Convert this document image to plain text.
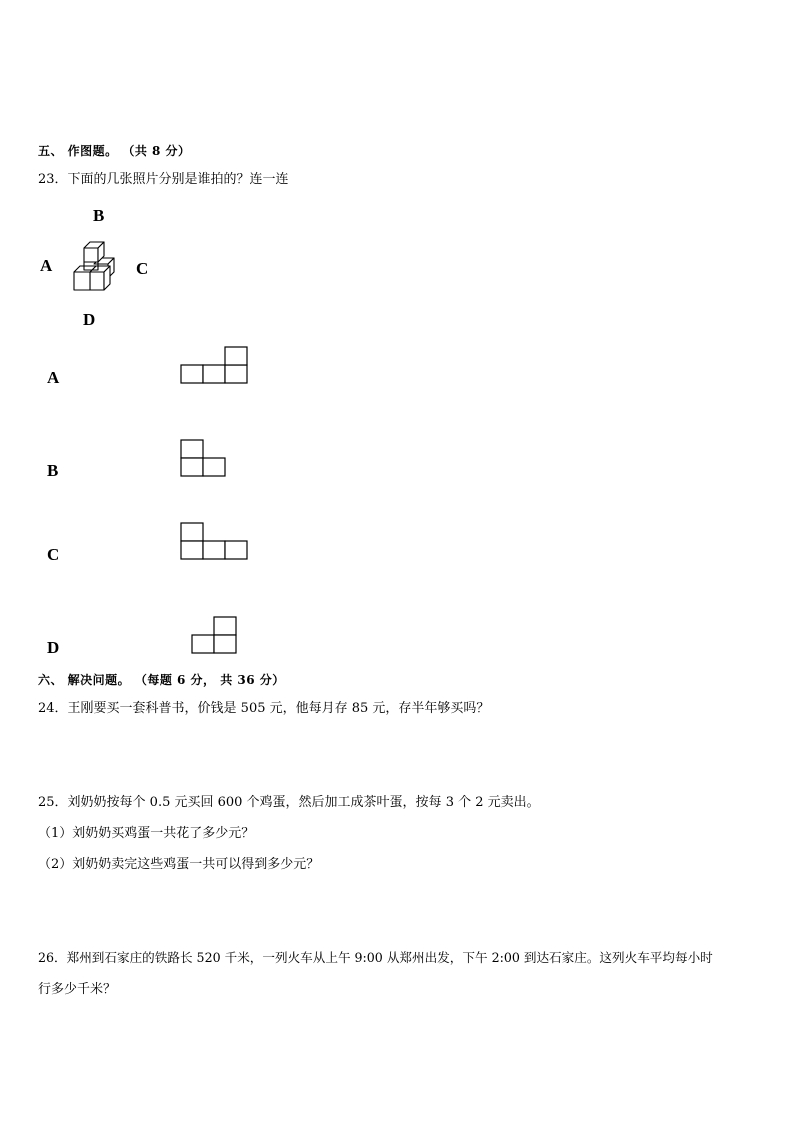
五、 作图题。 （共 8 分）
23．下面的几张照片分别是谁拍的？连一连
B
A	C
D
A
B
C
D
六、 解决问题。 （每题 6 分， 共 36 分）
24．王刚要买一套科普书，价钱是 505 元，他每月存 85 元，存半年够买吗？
25．刘奶奶按每个 0.5 元买回 600 个鸡蛋，然后加工成茶叶蛋，按每 3 个 2 元卖出。
（1）刘奶奶买鸡蛋一共花了多少元？
（2）刘奶奶卖完这些鸡蛋一共可以得到多少元？
26．郑州到石家庄的铁路长 520 千米，一列火车从上午 9:00 从郑州出发，下午 2:00 到达石家庄。这列火车平均每小时
行多少千米？
